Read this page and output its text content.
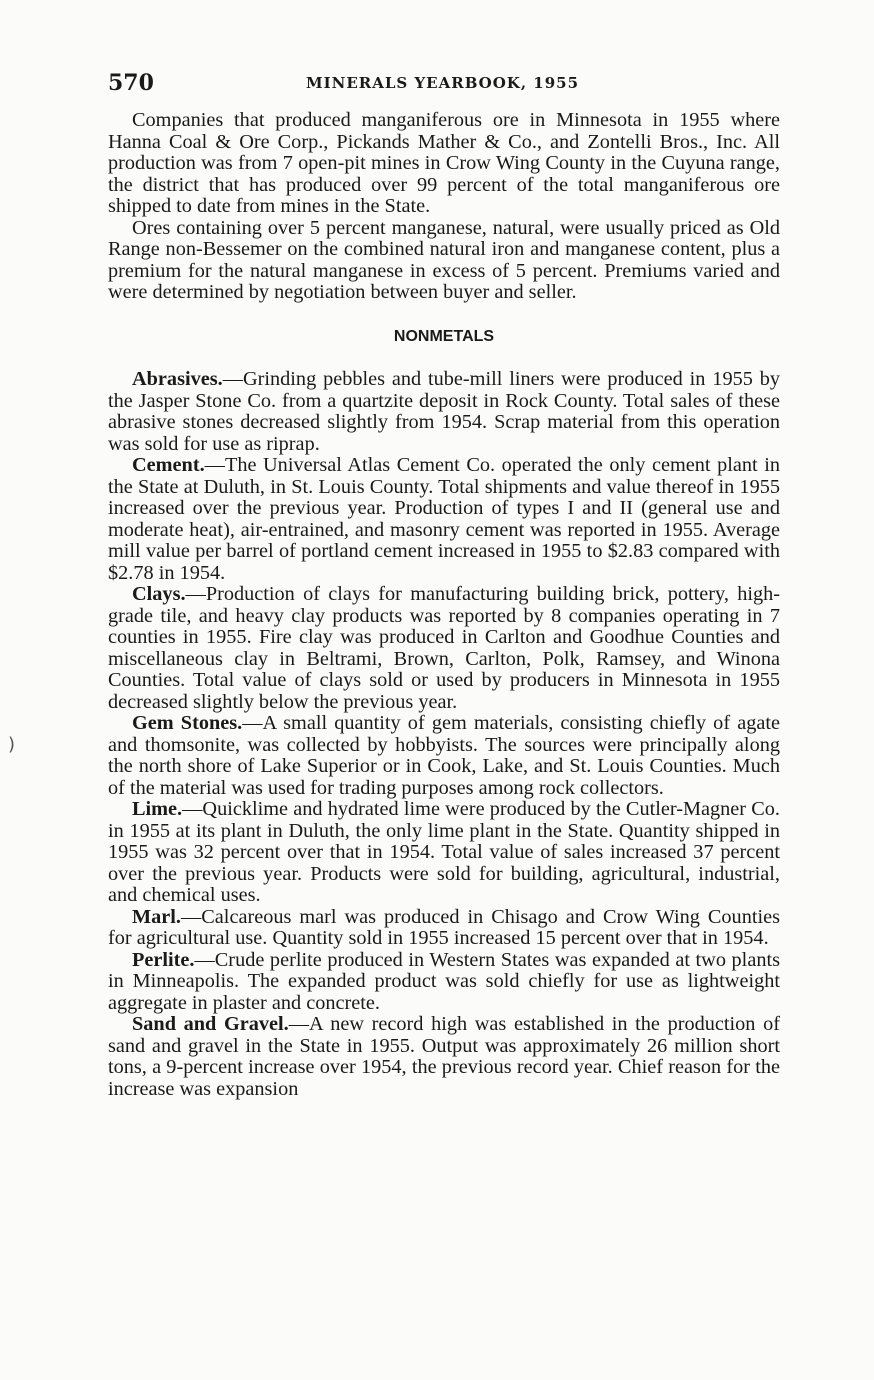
570	MINERALS YEARBOOK, 1955
)

Companies that produced manganiferous ore in Minnesota in 1955 where Hanna Coal & Ore Corp., Pickands Mather & Co., and Zontelli Bros., Inc. All production was from 7 open-pit mines in Crow Wing County in the Cuyuna range, the district that has produced over 99 percent of the total manganiferous ore shipped to date from mines in the State.

Ores containing over 5 percent manganese, natural, were usually priced as Old Range non-Bessemer on the combined natural iron and manganese content, plus a premium for the natural manganese in excess of 5 percent. Premiums varied and were determined by negotiation between buyer and seller.

NONMETALS

Abrasives.—Grinding pebbles and tube-mill liners were produced in 1955 by the Jasper Stone Co. from a quartzite deposit in Rock County. Total sales of these abrasive stones decreased slightly from 1954. Scrap material from this operation was sold for use as riprap.

Cement.—The Universal Atlas Cement Co. operated the only cement plant in the State at Duluth, in St. Louis County. Total shipments and value thereof in 1955 increased over the previous year. Production of types I and II (general use and moderate heat), air-entrained, and masonry cement was reported in 1955. Average mill value per barrel of portland cement increased in 1955 to $2.83 compared with $2.78 in 1954.

Clays.—Production of clays for manufacturing building brick, pottery, high-grade tile, and heavy clay products was reported by 8 companies operating in 7 counties in 1955. Fire clay was produced in Carlton and Goodhue Counties and miscellaneous clay in Beltrami, Brown, Carlton, Polk, Ramsey, and Winona Counties. Total value of clays sold or used by producers in Minnesota in 1955 decreased slightly below the previous year.

Gem Stones.—A small quantity of gem materials, consisting chiefly of agate and thomsonite, was collected by hobbyists. The sources were principally along the north shore of Lake Superior or in Cook, Lake, and St. Louis Counties. Much of the material was used for trading purposes among rock collectors.

Lime.—Quicklime and hydrated lime were produced by the Cutler-Magner Co. in 1955 at its plant in Duluth, the only lime plant in the State. Quantity shipped in 1955 was 32 percent over that in 1954. Total value of sales increased 37 percent over the previous year. Products were sold for building, agricultural, industrial, and chemical uses.

Marl.—Calcareous marl was produced in Chisago and Crow Wing Counties for agricultural use. Quantity sold in 1955 increased 15 percent over that in 1954.

Perlite.—Crude perlite produced in Western States was expanded at two plants in Minneapolis. The expanded product was sold chiefly for use as lightweight aggregate in plaster and concrete.

Sand and Gravel.—A new record high was established in the production of sand and gravel in the State in 1955. Output was approximately 26 million short tons, a 9-percent increase over 1954, the previous record year. Chief reason for the increase was expansion
